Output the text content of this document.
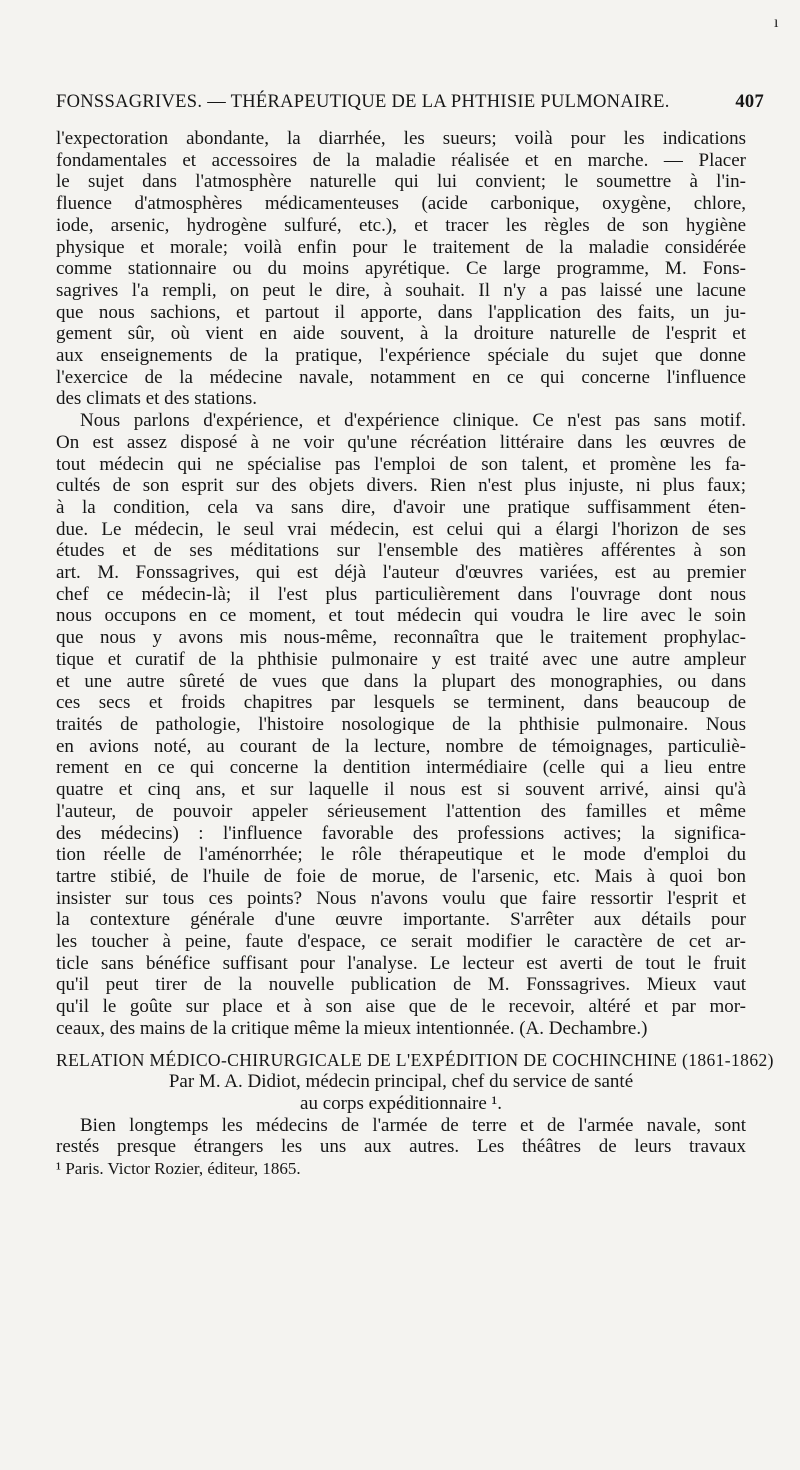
ı
FONSSAGRIVES. — THÉRAPEUTIQUE DE LA PHTHISIE PULMONAIRE.	407
l'expectoration abondante, la diarrhée, les sueurs; voilà pour les indications
fondamentales et accessoires de la maladie réalisée et en marche. — Placer
le sujet dans l'atmosphère naturelle qui lui convient; le soumettre à l'in-
fluence d'atmosphères médicamenteuses (acide carbonique, oxygène, chlore,
iode, arsenic, hydrogène sulfuré, etc.), et tracer les règles de son hygiène
physique et morale; voilà enfin pour le traitement de la maladie considérée
comme stationnaire ou du moins apyrétique. Ce large programme, M. Fons-
sagrives l'a rempli, on peut le dire, à souhait. Il n'y a pas laissé une lacune
que nous sachions, et partout il apporte, dans l'application des faits, un ju-
gement sûr, où vient en aide souvent, à la droiture naturelle de l'esprit et
aux enseignements de la pratique, l'expérience spéciale du sujet que donne
l'exercice de la médecine navale, notamment en ce qui concerne l'influence
des climats et des stations.
Nous parlons d'expérience, et d'expérience clinique. Ce n'est pas sans motif.
On est assez disposé à ne voir qu'une récréation littéraire dans les œuvres de
tout médecin qui ne spécialise pas l'emploi de son talent, et promène les fa-
cultés de son esprit sur des objets divers. Rien n'est plus injuste, ni plus faux;
à la condition, cela va sans dire, d'avoir une pratique suffisamment éten-
due. Le médecin, le seul vrai médecin, est celui qui a élargi l'horizon de ses
études et de ses méditations sur l'ensemble des matières afférentes à son
art. M. Fonssagrives, qui est déjà l'auteur d'œuvres variées, est au premier
chef ce médecin-là; il l'est plus particulièrement dans l'ouvrage dont nous
nous occupons en ce moment, et tout médecin qui voudra le lire avec le soin
que nous y avons mis nous-même, reconnaîtra que le traitement prophylac-
tique et curatif de la phthisie pulmonaire y est traité avec une autre ampleur
et une autre sûreté de vues que dans la plupart des monographies, ou dans
ces secs et froids chapitres par lesquels se terminent, dans beaucoup de
traités de pathologie, l'histoire nosologique de la phthisie pulmonaire. Nous
en avions noté, au courant de la lecture, nombre de témoignages, particuliè-
rement en ce qui concerne la dentition intermédiaire (celle qui a lieu entre
quatre et cinq ans, et sur laquelle il nous est si souvent arrivé, ainsi qu'à
l'auteur, de pouvoir appeler sérieusement l'attention des familles et même
des médecins) : l'influence favorable des professions actives; la significa-
tion réelle de l'aménorrhée; le rôle thérapeutique et le mode d'emploi du
tartre stibié, de l'huile de foie de morue, de l'arsenic, etc. Mais à quoi bon
insister sur tous ces points? Nous n'avons voulu que faire ressortir l'esprit et
la contexture générale d'une œuvre importante. S'arrêter aux détails pour
les toucher à peine, faute d'espace, ce serait modifier le caractère de cet ar-
ticle sans bénéfice suffisant pour l'analyse. Le lecteur est averti de tout le fruit
qu'il peut tirer de la nouvelle publication de M. Fonssagrives. Mieux vaut
qu'il le goûte sur place et à son aise que de le recevoir, altéré et par mor-
ceaux, des mains de la critique même la mieux intentionnée. (A. Dechambre.)
RELATION MÉDICO-CHIRURGICALE DE L'EXPÉDITION DE COCHINCHINE (1861-1862)
Par M. A. Didiot, médecin principal, chef du service de santé
au corps expéditionnaire ¹.
Bien longtemps les médecins de l'armée de terre et de l'armée navale, sont
restés presque étrangers les uns aux autres. Les théâtres de leurs travaux
¹ Paris. Victor Rozier, éditeur, 1865.
